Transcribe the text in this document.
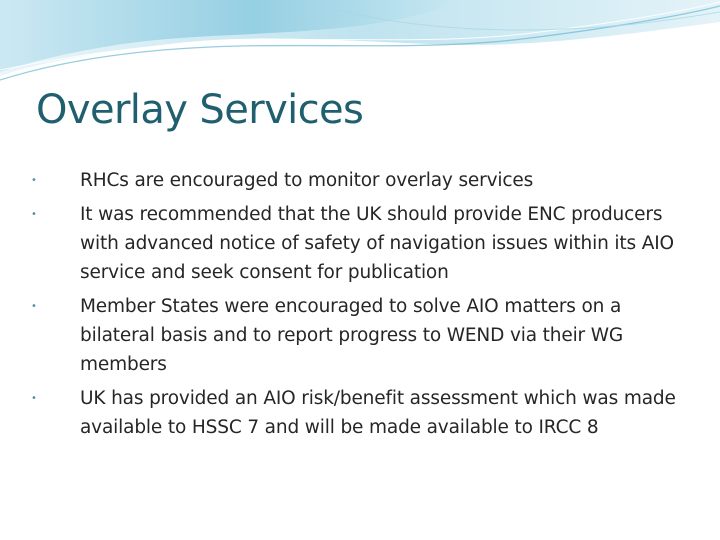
Overlay Services
• RHCs are encouraged to monitor overlay services
• It was recommended that the UK should provide ENC producers with advanced notice of safety of navigation issues within its AIO service and seek consent for publication
• Member States were encouraged to solve AIO matters on a bilateral basis and to report progress to WEND via their WG members
• UK has provided an AIO risk/benefit assessment which was made available to HSSC 7 and will be made available to IRCC 8
